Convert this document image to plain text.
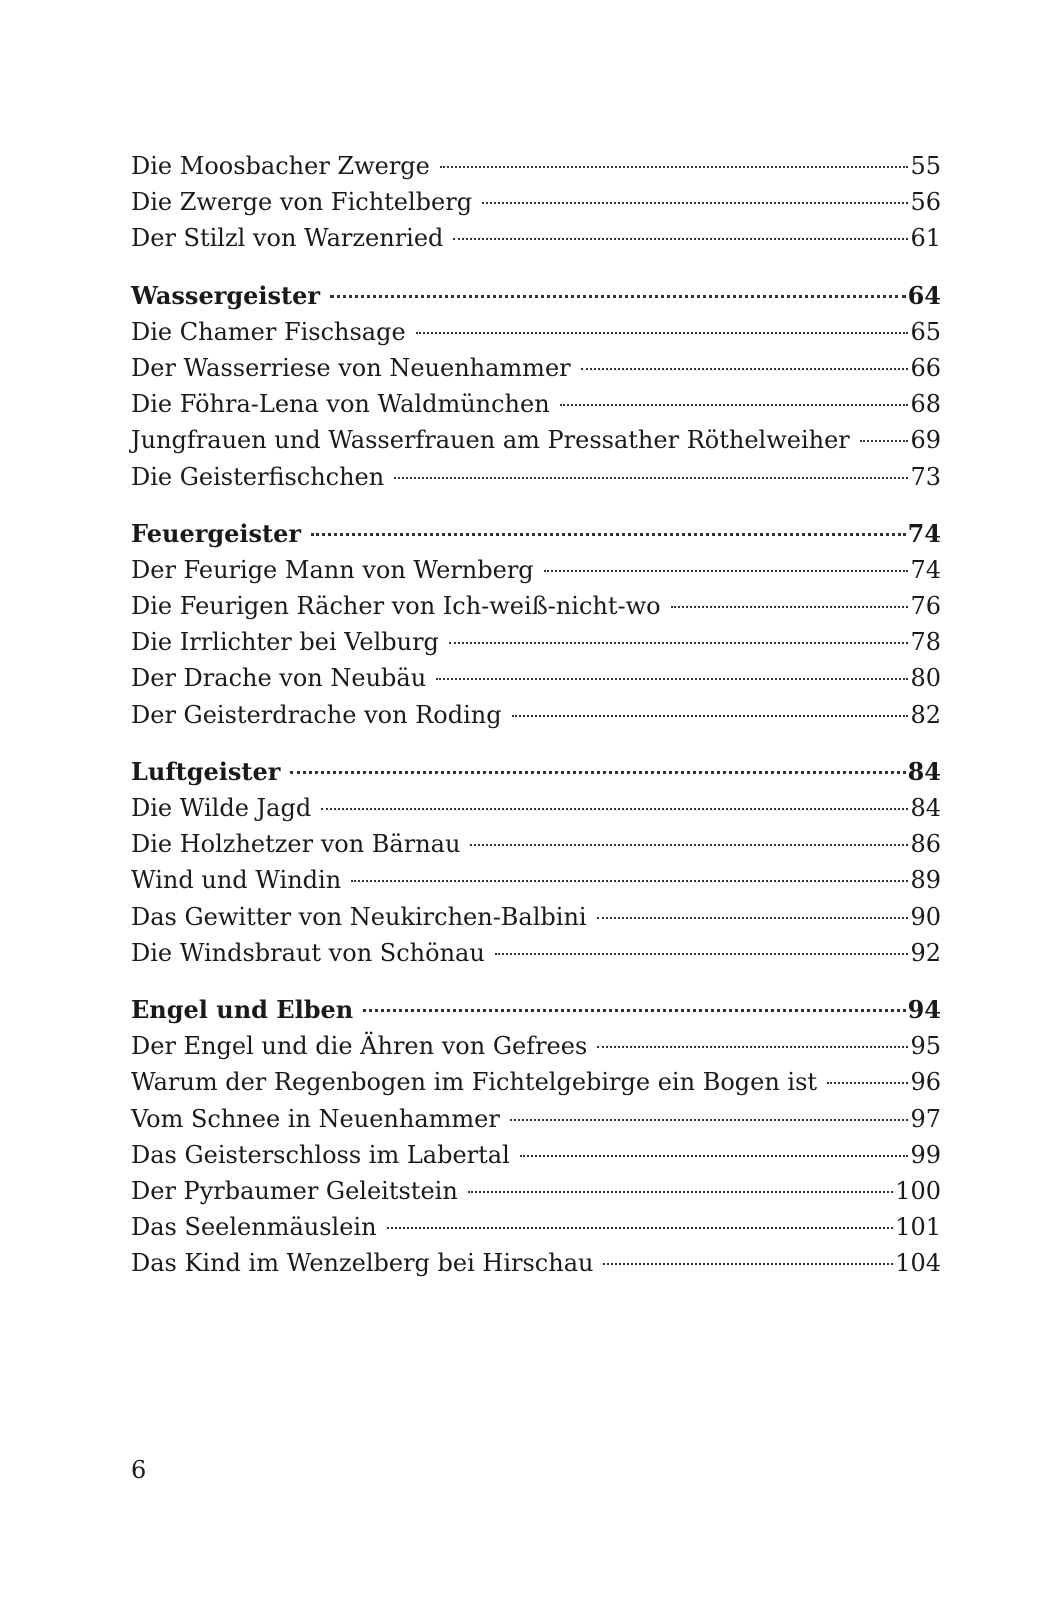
Die Moosbacher Zwerge	55
Die Zwerge von Fichtelberg	56
Der Stilzl von Warzenried	61
Wassergeister	64
Die Chamer Fischsage	65
Der Wasserriese von Neuenhammer	66
Die Föhra-Lena von Waldmünchen	68
Jungfrauen und Wasserfrauen am Pressather Röthelweiher	69
Die Geisterfischchen	73
Feuergeister	74
Der Feurige Mann von Wernberg	74
Die Feurigen Rächer von Ich-weiß-nicht-wo	76
Die Irrlichter bei Velburg	78
Der Drache von Neubäu	80
Der Geisterdrache von Roding	82
Luftgeister	84
Die Wilde Jagd	84
Die Holzhetzer von Bärnau	86
Wind und Windin	89
Das Gewitter von Neukirchen-Balbini	90
Die Windsbraut von Schönau	92
Engel und Elben	94
Der Engel und die Ähren von Gefrees	95
Warum der Regenbogen im Fichtelgebirge ein Bogen ist	96
Vom Schnee in Neuenhammer	97
Das Geisterschloss im Labertal	99
Der Pyrbaumer Geleitstein	100
Das Seelenmäuslein	101
Das Kind im Wenzelberg bei Hirschau	104
6
